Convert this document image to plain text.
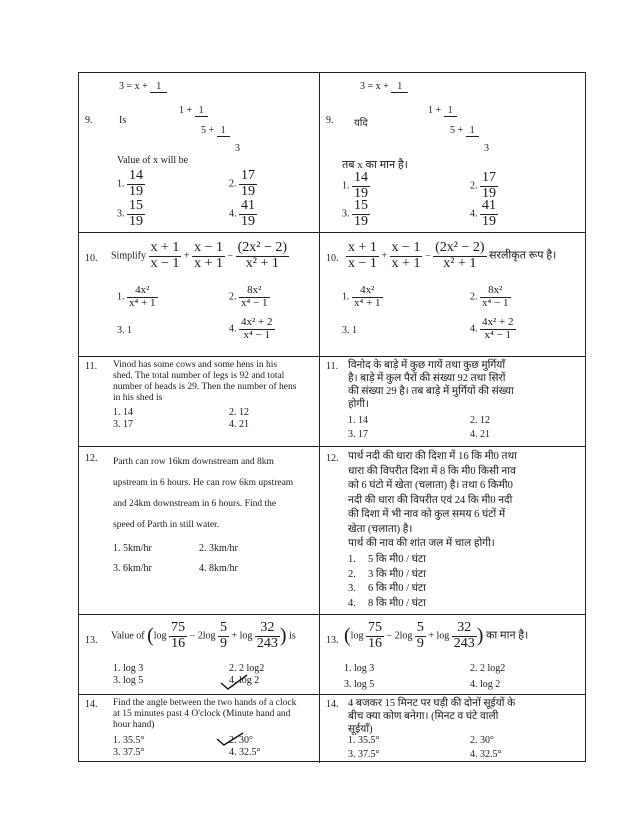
3 = x + 1
9.	Is
1 + 1
5 + 1
3
Value of x will be
1. $\frac{14}{19}$	2. $\frac{17}{19}$
3. $\frac{15}{19}$	4. $\frac{41}{19}$
3 = x + 1
9. यदि
1 + 1
5 + 1
3
तब x का मान है।
1. $\frac{14}{19}$	2. $\frac{17}{19}$
3. $\frac{15}{19}$	4. $\frac{41}{19}$
10. Simplify $\frac{x + 1}{x - 1} + \frac{x - 1}{x + 1} - \frac{\text{(2x² − 2)}}{\text{x² + 1}}$
1. $\frac{\text{4x²}}{\text{x⁴ + 1}}$	2. $\frac{\text{8x²}}{\text{x⁴ − 1}}$
3. 1	4. $\frac{\text{4x² + 2}}{\text{x⁴ − 1}}$
10. $\frac{x + 1}{x - 1} + \frac{x - 1}{x + 1} - \frac{\text{(2x² − 2)}}{\text{x² + 1}}$ सरलीकृत रूप है।
1. $\frac{\text{4x²}}{\text{x⁴ + 1}}$	2. $\frac{\text{8x²}}{\text{x⁴ − 1}}$
3. 1	4. $\frac{\text{4x² + 2}}{\text{x⁴ − 1}}$
11. Vinod has some cows and some hens in his
shed. The total number of legs is 92 and total
number of heads is 29. Then the number of hens
in his shed is
1. 14	2. 12
3. 17	4. 21
11. विनोद के बाड़े में कुछ गायें तथा कुछ मुर्गियाँ
है। बाड़े में कुल पैरों की संख्या 92 तथा सिरों
की संख्या 29 है। तब बाड़े में मुर्गियों की संख्या
होगी।
1. 14	2. 12
3. 17	4. 21
12. Parth can row 16km downstream and 8km
upstream in 6 hours. He can row 6km upstream
and 24km downstream in 6 hours. Find the
speed of Parth in still water.
1. 5km/hr	2. 3km/hr
3. 6km/hr	4. 8km/hr
12. पार्थ नदी की धारा की दिशा में 16 कि मी0 तथा
धारा की विपरीत दिशा में 8 कि मी0 किसी नाव
को 6 घंटो में खेता (चलाता) है। तथा 6 किमी0
नदी की धारा की विपरीत एवं 24 कि मी0 नदी
की दिशा में भी नाव को कुल समय 6 घंटों में
खेता (चलाता) है।
पार्थ की नाव की शांत जल में चाल होगी।
1. 5 कि मी0 / घंटा
2. 3 कि मी0 / घंटा
3. 6 कि मी0 / घंटा
4. 8 कि मी0 / घंटा
13. Value of ($\log \frac{75}{16} - 2\log \frac{5}{9} + \log \frac{32}{243}$ ) is
1. log 3	2. 2 log2
3. log 5	4. log 2
13. ($\log \frac{75}{16} - 2\log \frac{5}{9} + \log \frac{32}{243}$ ) का मान है।
1. log 3	2. 2 log2
3. log 5	4. log 2
14. Find the angle between the two hands of a clock
at 15 minutes past 4 O'clock (Minute hand and
hour hand)
1. 35.5°	2. 30°
3. 37.5°	4. 32.5°
14. 4 बजकर 15 मिनट पर घड़ी की दोनों सूईयों के
बीच क्या कोण बनेगा। (मिनट व घंटे वाली
सूईयाँ)
1. 35.5°	2. 30°
3. 37.5°	4. 32.5°
